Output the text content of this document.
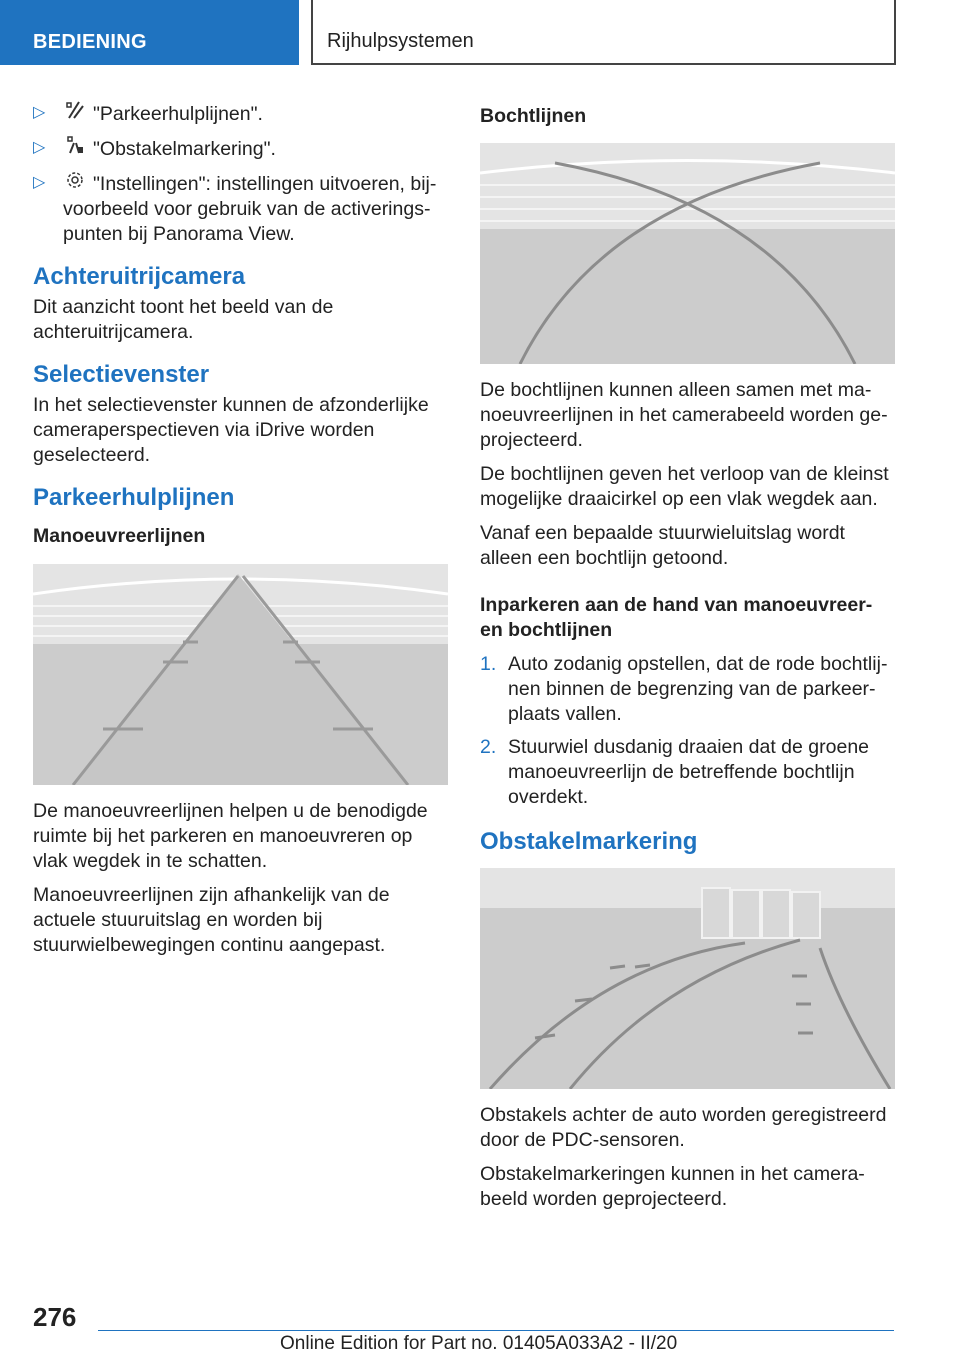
BEDIENING	Rijhulpsystemen
▷ "Parkeerhulplijnen".
▷ "Obstakelmarkering".
▷ "Instellingen": instellingen uitvoeren, bijvoorbeeld voor gebruik van de activeringspunten bij Panorama View.
Achteruitrijcamera

Dit aanzicht toont het beeld van de achteruitrijcamera.

Selectievenster

In het selectievenster kunnen de afzonderlijke cameraperspectieven via iDrive worden geselecteerd.

Parkeerhulplijnen
Manoeuvreerlijnen

De manoeuvreerlijnen helpen u de benodigde ruimte bij het parkeren en manoeuvreren op vlak wegdek in te schatten.

Manoeuvreerlijnen zijn afhankelijk van de actuele stuuruitslag en worden bij stuurwielbewegingen continu aangepast.

Bochtlijnen

De bochtlijnen kunnen alleen samen met manoeuvreerlijnen in het camerabeeld worden geprojecteerd.

De bochtlijnen geven het verloop van de kleinst mogelijke draaicirkel op een vlak wegdek aan.

Vanaf een bepaalde stuurwieluitslag wordt alleen een bochtlijn getoond.

Inparkeren aan de hand van manoeuvreer- en bochtlijnen
1. Auto zodanig opstellen, dat de rode bochtlijnen binnen de begrenzing van de parkeerplaats vallen.
2. Stuurwiel dusdanig draaien dat de groene manoeuvreerlijn de betreffende bochtlijn overdekt.
Obstakelmarkering

Obstakels achter de auto worden geregistreerd door de PDC-sensoren.

Obstakelmarkeringen kunnen in het camerabeeld worden geprojecteerd.

276
Online Edition for Part no. 01405A033A2 - II/20
